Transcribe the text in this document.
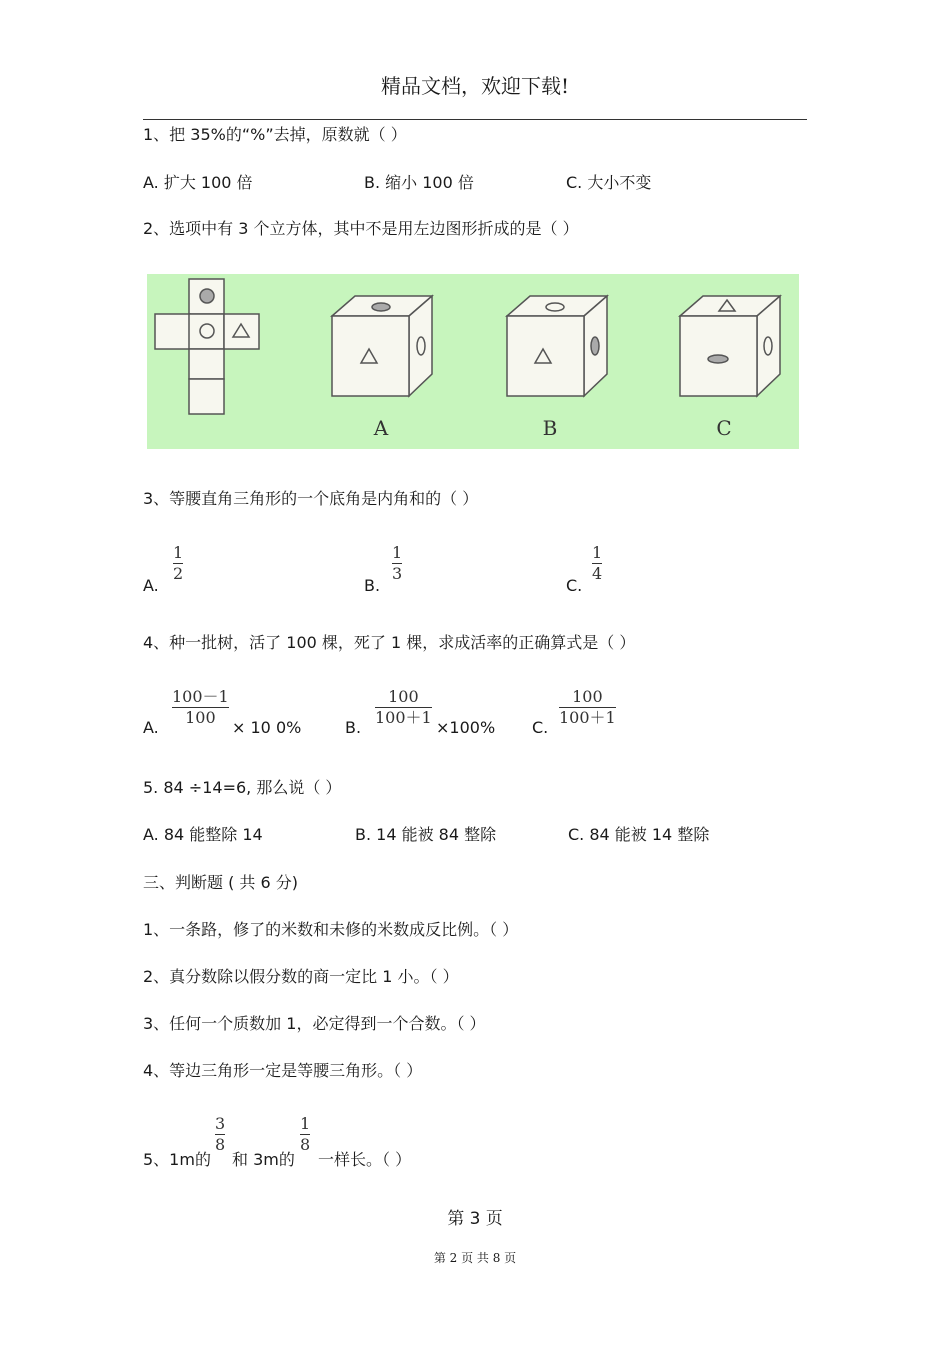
精品文档，欢迎下载!
1、把 35%的“%”去掉，原数就（ ）
A. 扩大 100 倍	B. 缩小 100 倍	C. 大小不变
2、选项中有 3 个立方体，其中不是用左边图形折成的是（ ）
A	B	C
3、等腰直角三角形的一个底角是内角和的（ ）
A.
1
2
B.
1
3
C.
1
4
4、种一批树，活了 100 棵，死了 1 棵，求成活率的正确算式是（ ）
A.
100－1
100
× 10 0%	B.
100
100＋1
×100% C.
100
100＋1
5. 84 ÷14=6, 那么说（ ）
A. 84 能整除 14	B. 14 能被 84 整除	C. 84 能被 14 整除
三、判断题 ( 共 6 分)
1、一条路，修了的米数和未修的米数成反比例。（ ）
2、真分数除以假分数的商一定比 1 小。（ ）
3、任何一个质数加 1，必定得到一个合数。（ ）
4、等边三角形一定是等腰三角形。（ ）
5、1m的
3
8
和 3m的
1
8
一样长。（ ）
第 3 页
第 2 页 共 8 页
